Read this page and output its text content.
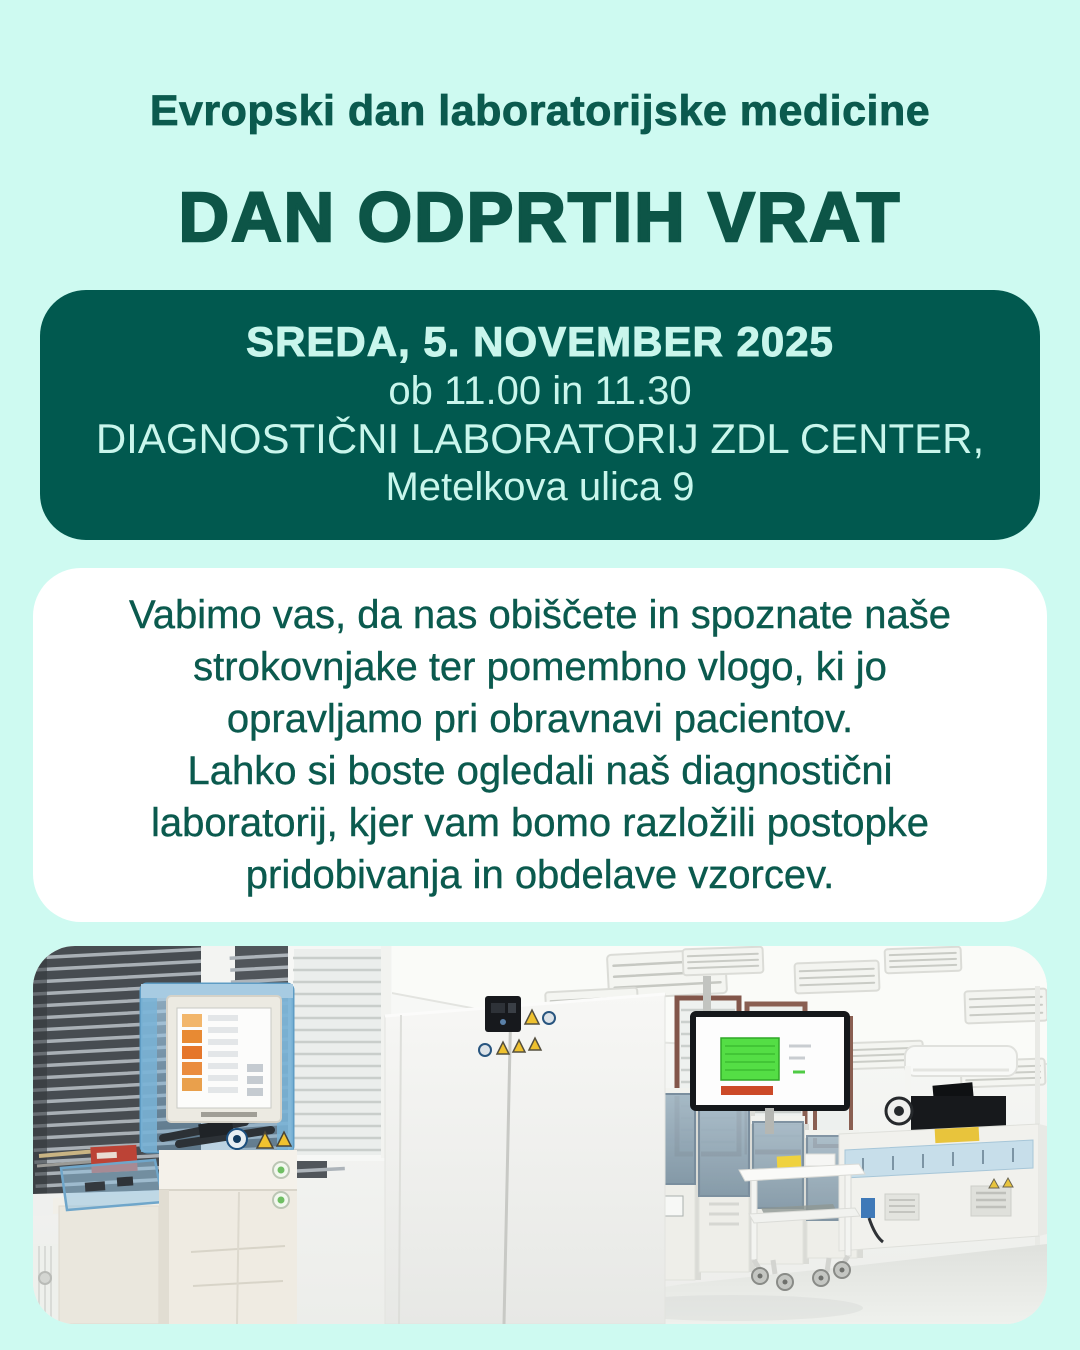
Evropski dan laboratorijske medicine
DAN ODPRTIH VRAT
SREDA, 5. NOVEMBER 2025
ob 11.00 in 11.30
DIAGNOSTIČNI LABORATORIJ ZDL CENTER,
Metelkova ulica 9
Vabimo vas, da nas obiščete in spoznate naše
strokovnjake ter pomembno vlogo, ki jo
opravljamo pri obravnavi pacientov.
Lahko si boste ogledali naš diagnostični
laboratorij, kjer vam bomo razložili postopke
pridobivanja in obdelave vzorcev.
